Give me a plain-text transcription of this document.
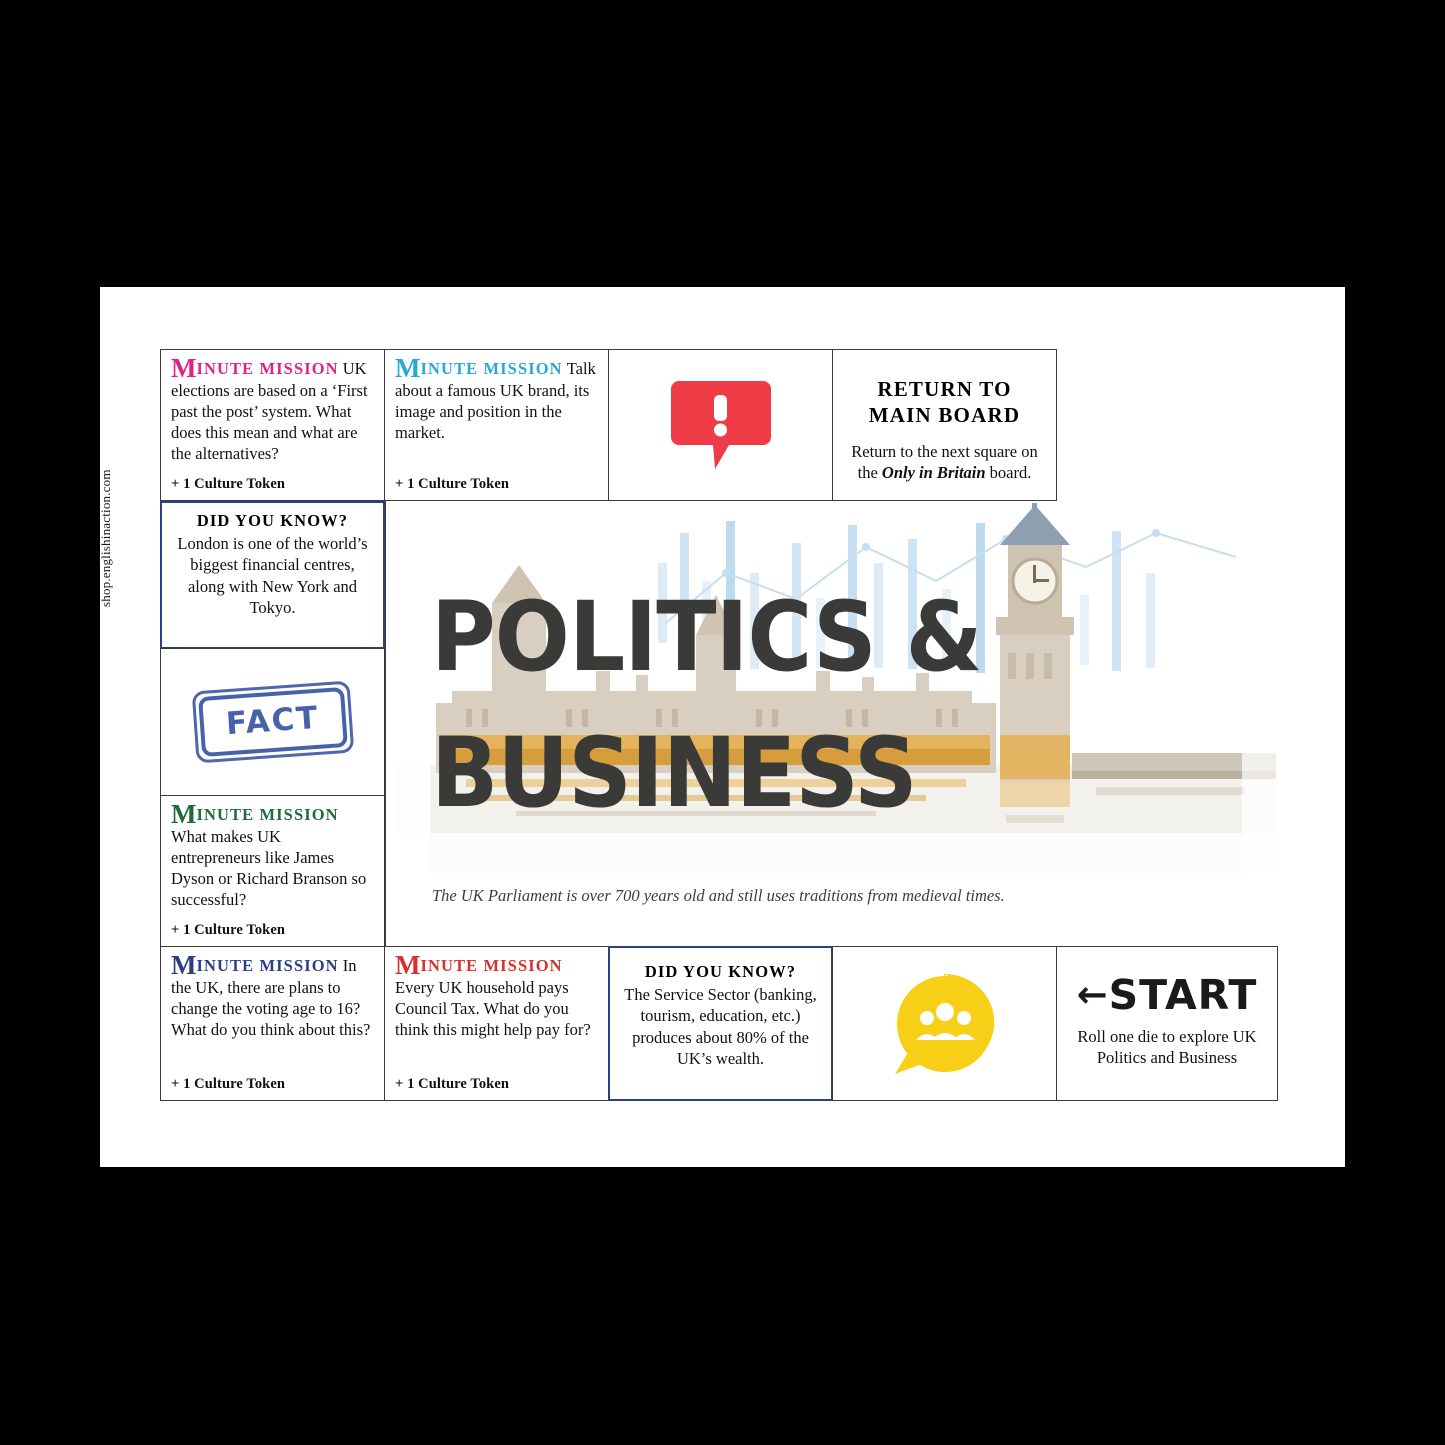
shop.englishinaction.com
MINUTE MISSION UK elections are based on a ‘First past the post’ system. What does this mean and what are the alternatives?
+ 1 Culture Token
MINUTE MISSION Talk about a famous UK brand, its image and position in the market.
+ 1 Culture Token
RETURN TO
MAIN BOARD
Return to the next square on the Only in Britain board.
DID YOU KNOW?
London is one of the world’s biggest financial centres, along with New York and Tokyo.
FACT
MINUTE MISSION What makes UK entrepreneurs like James Dyson or Richard Branson so successful?
+ 1 Culture Token
POLITICS &
BUSINESS
The UK Parliament is over 700 years old and still uses traditions from medieval times.
MINUTE MISSION In the UK, there are plans to change the voting age to 16? What do you think about this?
+ 1 Culture Token
MINUTE MISSION Every UK household pays Council Tax. What do you think this might help pay for?
+ 1 Culture Token
DID YOU KNOW?
The Service Sector (banking, tourism, education, etc.) produces about 80% of the UK’s wealth.
←START
Roll one die to explore UK Politics and Business
